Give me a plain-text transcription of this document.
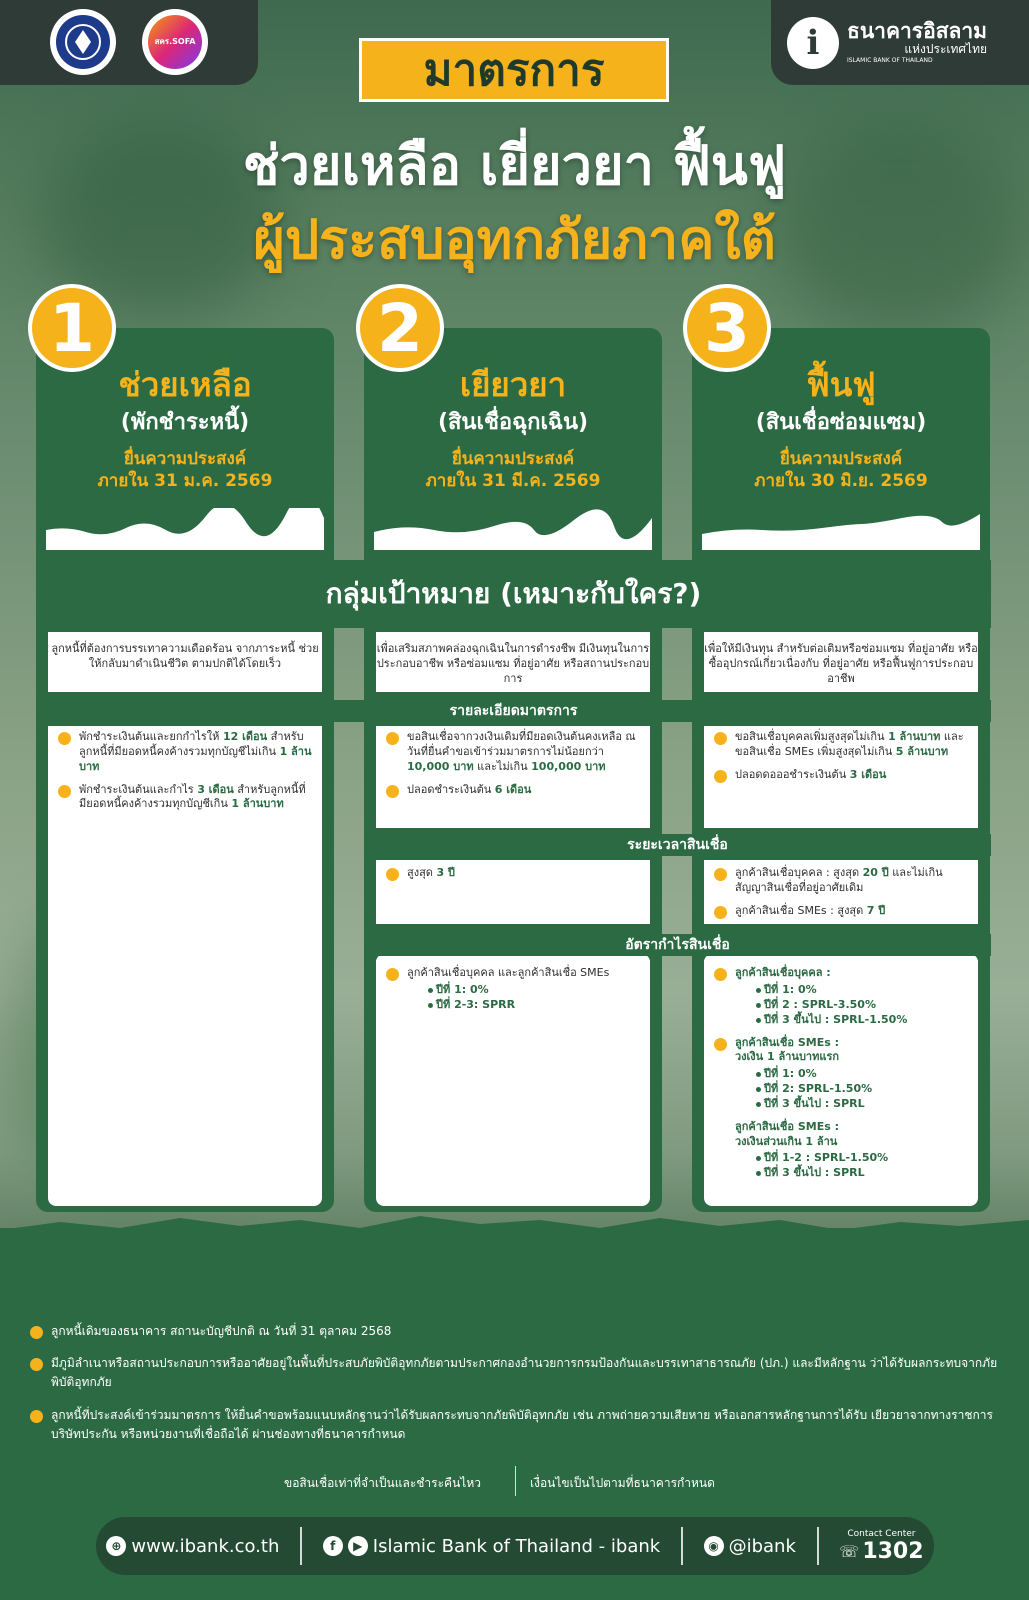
สคร.SOFA	i ธนาคารอิสลาม
แห่งประเทศไทย
ISLAMIC BANK OF THAILAND
มาตรการ
ช่วยเหลือ เยี่ยวยา ฟื้นฟู
ผู้ประสบอุทกภัยภาคใต้
ช่วยเหลือ
(พักชำระหนี้)
ยื่นความประสงค์
ภายใน 31 ม.ค. 2569
เยียวยา
(สินเชื่อฉุกเฉิน)
ยื่นความประสงค์
ภายใน 31 มี.ค. 2569
ฟื้นฟู
(สินเชื่อซ่อมแซม)
ยื่นความประสงค์
ภายใน 30 มิ.ย. 2569
1	2	3
กลุ่มเป้าหมาย (เหมาะกับใคร?)
ลูกหนี้ที่ต้องการบรรเทาความเดือดร้อน จากภาระหนี้ ช่วยให้กลับมาดำเนินชีวิต ตามปกติได้โดยเร็ว
เพื่อเสริมสภาพคล่องฉุกเฉินในการดำรงชีพ มีเงินทุนในการประกอบอาชีพ หรือซ่อมแซม ที่อยู่อาศัย หรือสถานประกอบการ
เพื่อให้มีเงินทุน สำหรับต่อเติมหรือซ่อมแซม ที่อยู่อาศัย หรือซื้ออุปกรณ์เกี่ยวเนื่องกับ ที่อยู่อาศัย หรือฟื้นฟูการประกอบอาชีพ
รายละเอียดมาตรการ
พักชำระเงินต้นและยกกำไรให้ 12 เดือน สำหรับลูกหนี้ที่มียอดหนี้คงค้างรวมทุกบัญชีไม่เกิน 1 ล้านบาท
พักชำระเงินต้นและกำไร 3 เดือน สำหรับลูกหนี้ที่มียอดหนี้คงค้างรวมทุกบัญชีเกิน 1 ล้านบาท
ขอสินเชื่อจากวงเงินเดิมที่มียอดเงินต้นคงเหลือ ณ วันที่ยื่นคำขอเข้าร่วมมาตรการไม่น้อยกว่า 10,000 บาท และไม่เกิน 100,000 บาท
ปลอดชำระเงินต้น 6 เดือน
ขอสินเชื่อบุคคลเพิ่มสูงสุดไม่เกิน 1 ล้านบาท และขอสินเชื่อ SMEs เพิ่มสูงสุดไม่เกิน 5 ล้านบาท
ปลอดดอออชำระเงินต้น 3 เดือน
ระยะเวลาสินเชื่อ
สูงสุด 3 ปี	ลูกค้าสินเชื่อบุคคล : สูงสุด 20 ปี และไม่เกินสัญญาสินเชื่อที่อยู่อาศัยเดิม
ลูกค้าสินเชื่อ SMEs : สูงสุด 7 ปี
อัตรากำไรสินเชื่อ
ลูกค้าสินเชื่อบุคคล และลูกค้าสินเชื่อ SMEs
ปีที่ 1: 0%
ปีที่ 2-3: SPRR
ลูกค้าสินเชื่อบุคคล :
ปีที่ 1: 0%
ปีที่ 2 : SPRL-3.50%
ปีที่ 3 ขึ้นไป : SPRL-1.50%
ลูกค้าสินเชื่อ SMEs :
วงเงิน 1 ล้านบาทแรก
ปีที่ 1: 0%
ปีที่ 2: SPRL-1.50%
ปีที่ 3 ขึ้นไป : SPRL
ลูกค้าสินเชื่อ SMEs :
วงเงินส่วนเกิน 1 ล้าน
ปีที่ 1-2 : SPRL-1.50%
ปีที่ 3 ขึ้นไป : SPRL
ลูกหนี้เดิมของธนาคาร สถานะบัญชีปกติ ณ วันที่ 31 ตุลาคม 2568
มีภูมิลำเนาหรือสถานประกอบการหรืออาศัยอยู่ในพื้นที่ประสบภัยพิบัติอุทกภัยตามประกาศกองอำนวยการกรมป้องกันและบรรเทาสาธารณภัย (ปภ.) และมีหลักฐาน ว่าได้รับผลกระทบจากภัยพิบัติอุทกภัย
ลูกหนี้ที่ประสงค์เข้าร่วมมาตรการ ให้ยื่นคำขอพร้อมแนบหลักฐานว่าได้รับผลกระทบจากภัยพิบัติอุทกภัย เช่น ภาพถ่ายความเสียหาย หรือเอกสารหลักฐานการได้รับ เยียวยาจากทางราชการ บริษัทประกัน หรือหน่วยงานที่เชื่อถือได้ ผ่านช่องทางที่ธนาคารกำหนด
ขอสินเชื่อเท่าที่จำเป็นและชำระคืนไหว	เงื่อนไขเป็นไปตามที่ธนาคารกำหนด
⊕ www.ibank.co.th	f	▶ Islamic Bank of Thailand - ibank	◉ @ibank
Contact Center
☏ 1302
